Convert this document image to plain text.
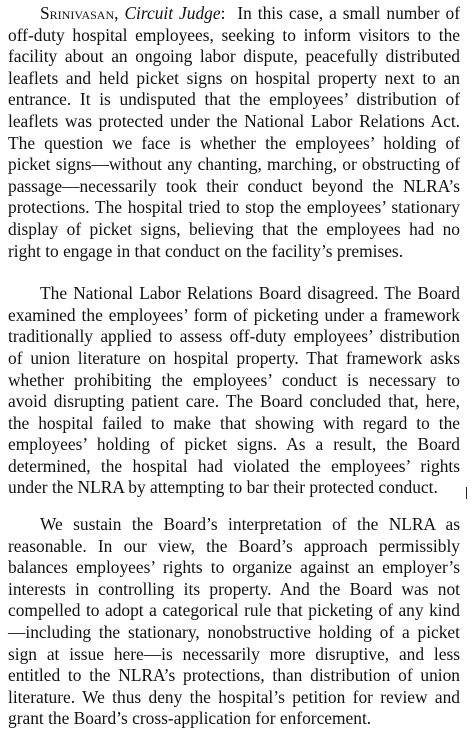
Srinivasan, Circuit Judge:  In this case, a small number of off-duty hospital employees, seeking to inform visitors to the facility about an ongoing labor dispute, peacefully distributed leaflets and held picket signs on hospital property next to an entrance. It is undisputed that the employees’ distribution of leaflets was protected under the National Labor Relations Act. The question we face is whether the employees’ holding of picket signs—without any chanting, marching, or obstructing of passage—necessarily took their conduct beyond the NLRA’s protections. The hospital tried to stop the employees’ stationary display of picket signs, believing that the employees had no right to engage in that conduct on the facility’s premises.

The National Labor Relations Board disagreed. The Board examined the employees’ form of picketing under a framework traditionally applied to assess off-duty employees’ distribution of union literature on hospital property. That framework asks whether prohibiting the employees’ conduct is necessary to avoid disrupting patient care. The Board concluded that, here, the hospital failed to make that showing with regard to the employees’ holding of picket signs. As a result, the Board determined, the hospital had violated the employees’ rights under the NLRA by attempting to bar their protected conduct.

We sustain the Board’s interpretation of the NLRA as reasonable. In our view, the Board’s approach permissibly balances employees’ rights to organize against an employer’s interests in controlling its property. And the Board was not compelled to adopt a categorical rule that picketing of any kind—including the stationary, nonobstructive holding of a picket sign at issue here—is necessarily more disruptive, and less entitled to the NLRA’s protections, than distribution of union literature. We thus deny the hospital’s petition for review and grant the Board’s cross-application for enforcement.
